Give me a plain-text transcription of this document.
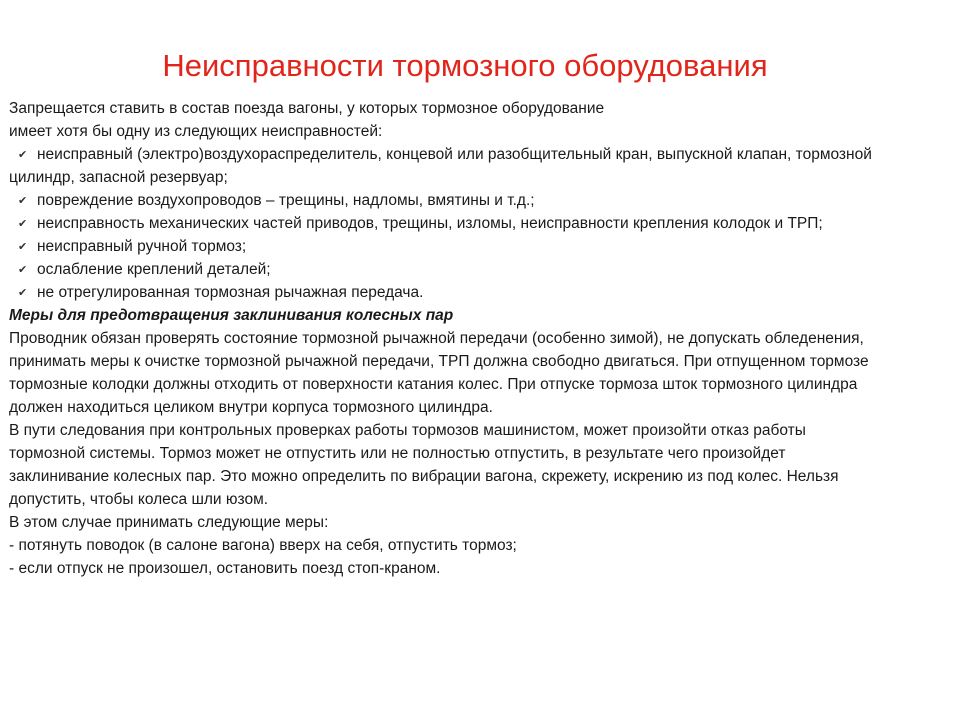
Неисправности тормозного оборудования
Запрещается ставить в состав поезда вагоны, у которых тормозное оборудование
имеет хотя бы одну из следующих неисправностей:
✔ неисправный (электро)воздухораспределитель, концевой или разобщительный кран, выпускной клапан, тормозной
цилиндр, запасной резервуар;
✔ повреждение воздухопроводов – трещины, надломы, вмятины и т.д.;
✔ неисправность механических частей приводов, трещины, изломы, неисправности крепления колодок и ТРП;
✔ неисправный ручной тормоз;
✔ ослабление креплений деталей;
✔ не отрегулированная тормозная рычажная передача.
Меры для предотвращения заклинивания колесных пар
Проводник обязан проверять состояние тормозной рычажной передачи (особенно зимой), не допускать обледенения,
принимать меры к очистке тормозной рычажной передачи, ТРП должна свободно двигаться. При отпущенном тормозе
тормозные колодки должны отходить от поверхности катания колес. При отпуске тормоза шток тормозного цилиндра
должен находиться целиком внутри корпуса тормозного цилиндра.
В пути следования при контрольных проверках работы тормозов машинистом, может произойти отказ работы
тормозной системы. Тормоз может не отпустить или не полностью отпустить, в результате чего произойдет
заклинивание колесных пар. Это можно определить по вибрации вагона, скрежету, искрению из под колес. Нельзя
допустить, чтобы колеса шли юзом.
В этом случае принимать следующие меры:
- потянуть поводок (в салоне вагона) вверх на себя, отпустить тормоз;
- если отпуск не произошел, остановить поезд стоп-краном.
